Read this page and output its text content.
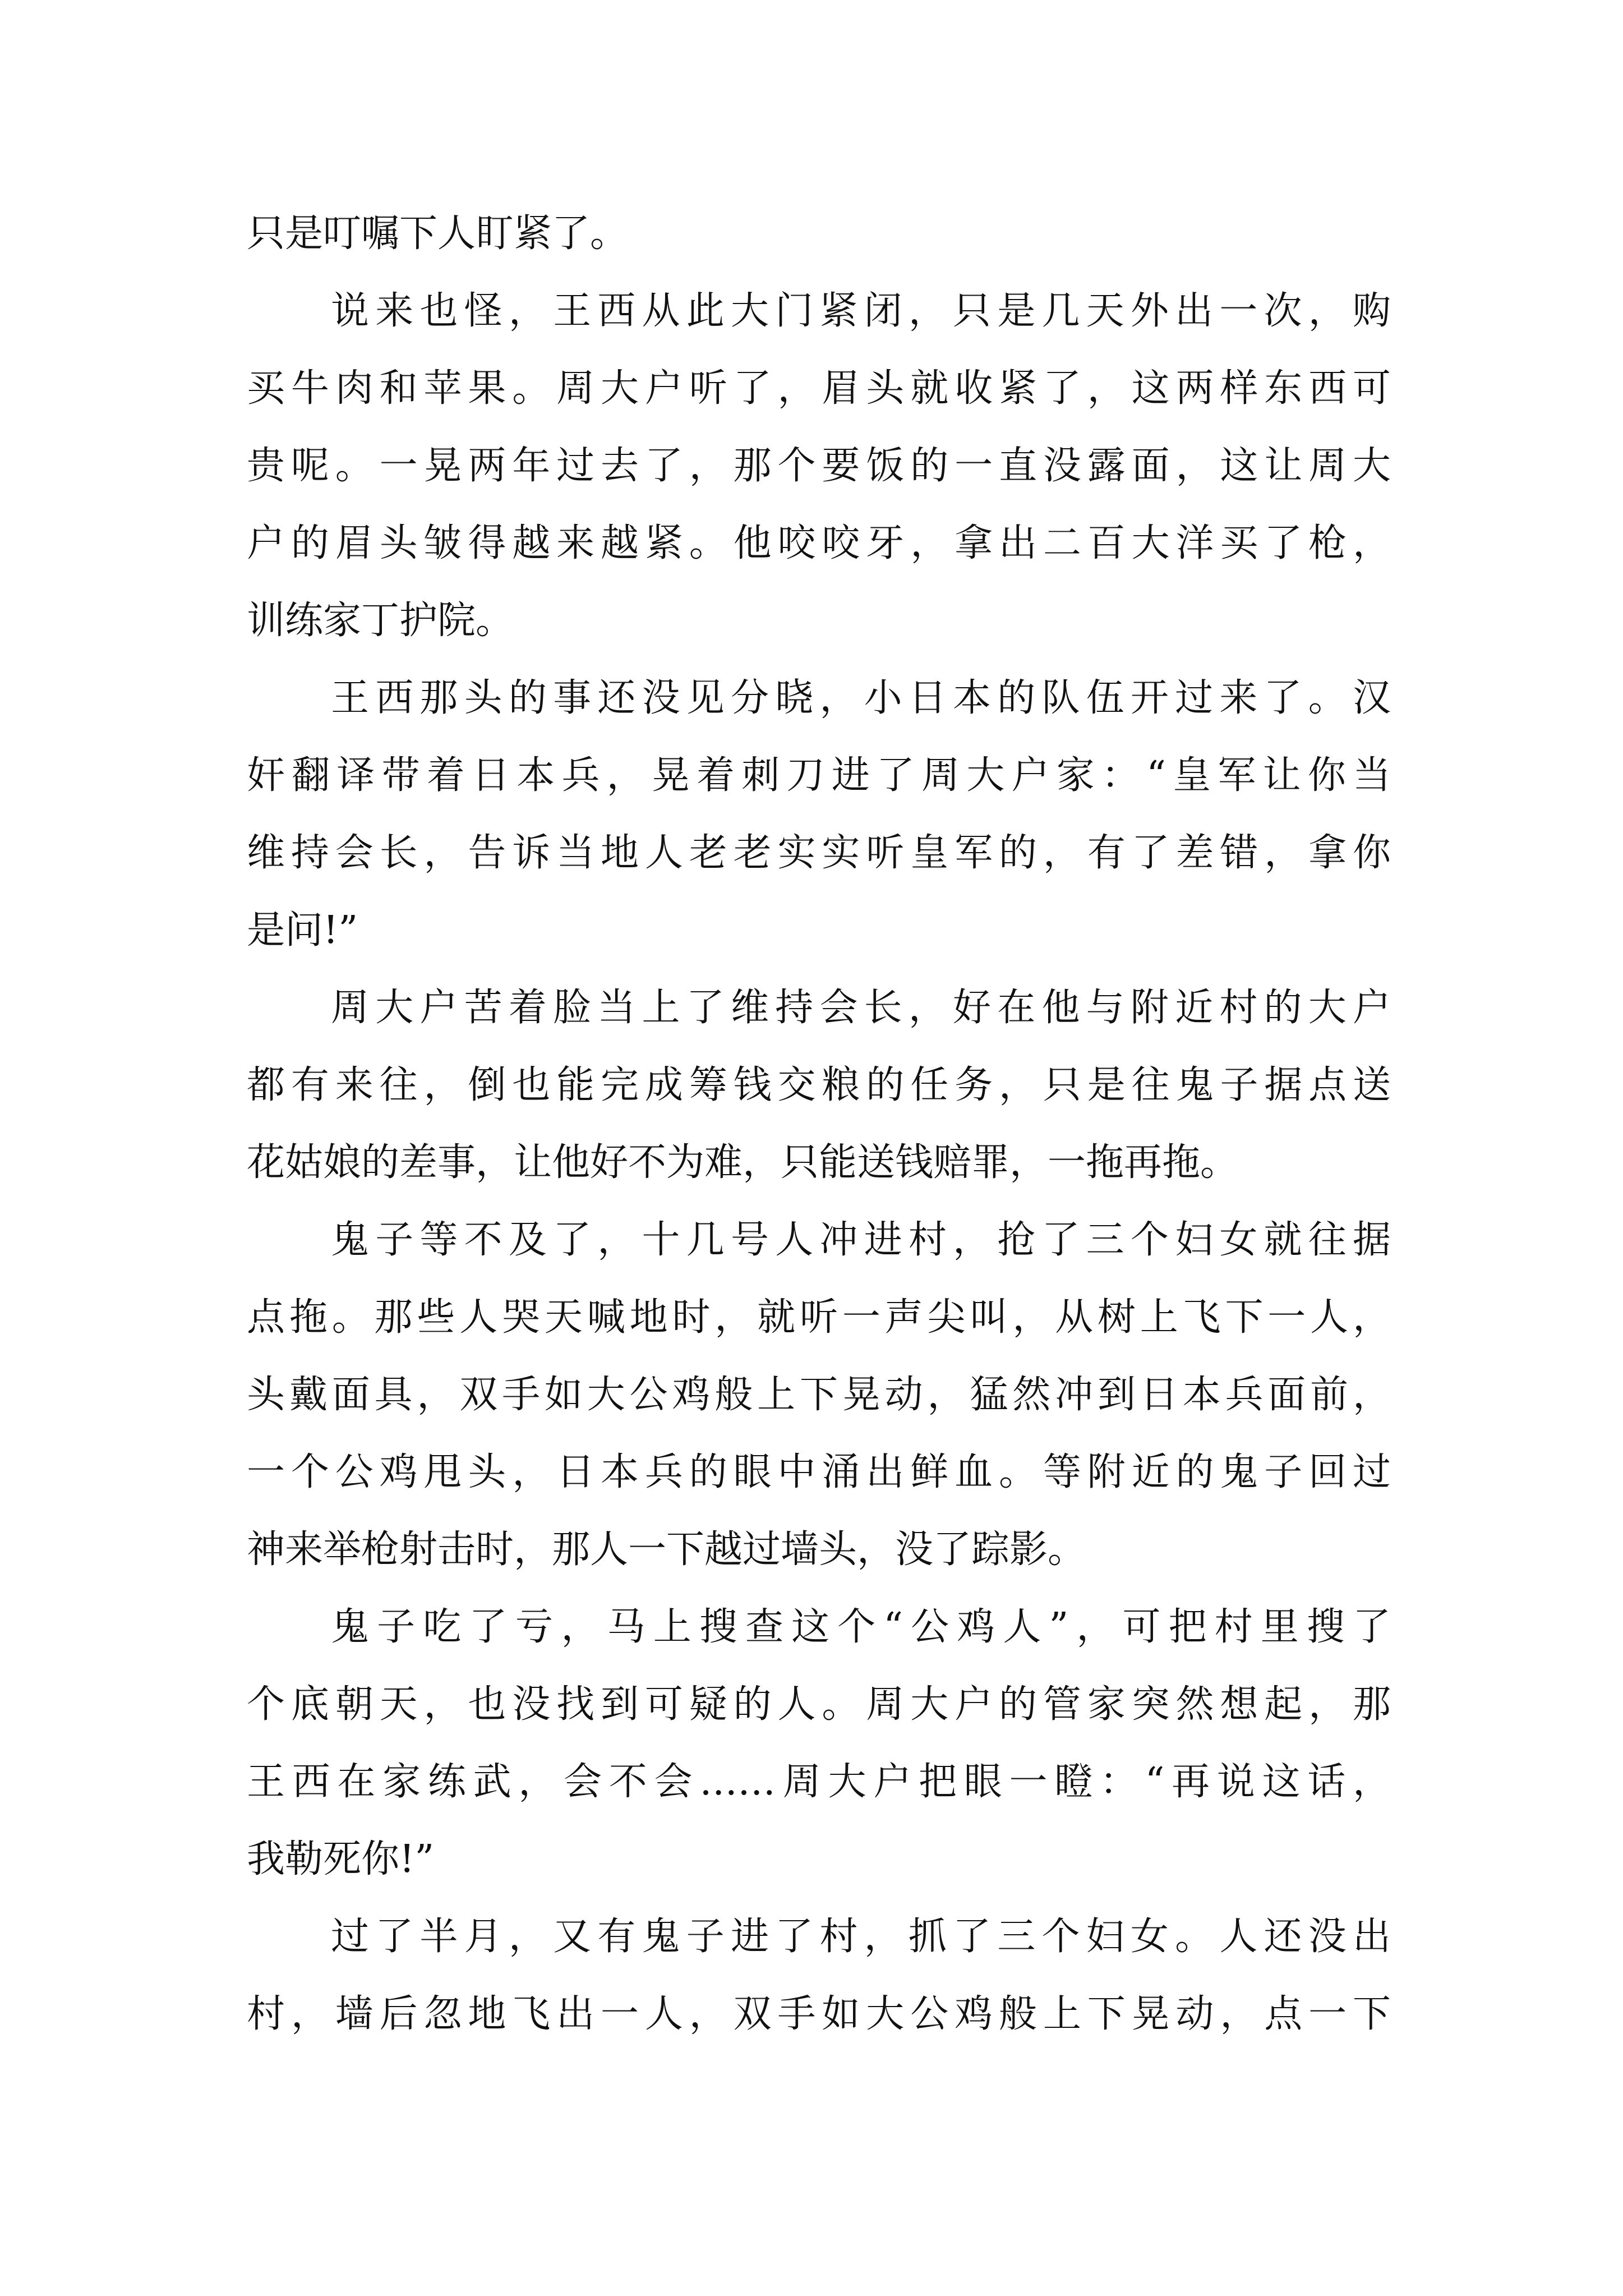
只是叮嘱下人盯紧了。
说来也怪，王西从此大门紧闭，只是几天外出一次，购
买牛肉和苹果。周大户听了，眉头就收紧了，这两样东西可
贵呢。一晃两年过去了，那个要饭的一直没露面，这让周大
户的眉头皱得越来越紧。他咬咬牙，拿出二百大洋买了枪，
训练家丁护院。
王西那头的事还没见分晓，小日本的队伍开过来了。汉
奸翻译带着日本兵，晃着刺刀进了周大户家：“皇军让你当
维持会长，告诉当地人老老实实听皇军的，有了差错，拿你
是问!”
周大户苦着脸当上了维持会长，好在他与附近村的大户
都有来往，倒也能完成筹钱交粮的任务，只是往鬼子据点送
花姑娘的差事，让他好不为难，只能送钱赔罪，一拖再拖。
鬼子等不及了，十几号人冲进村，抢了三个妇女就往据
点拖。那些人哭天喊地时，就听一声尖叫，从树上飞下一人，
头戴面具，双手如大公鸡般上下晃动，猛然冲到日本兵面前，
一个公鸡甩头，日本兵的眼中涌出鲜血。等附近的鬼子回过
神来举枪射击时，那人一下越过墙头，没了踪影。
鬼子吃了亏，马上搜查这个“公鸡人”，可把村里搜了
个底朝天，也没找到可疑的人。周大户的管家突然想起，那
王西在家练武，会不会……周大户把眼一瞪：“再说这话，
我勒死你!”
过了半月，又有鬼子进了村，抓了三个妇女。人还没出
村，墙后忽地飞出一人，双手如大公鸡般上下晃动，点一下
